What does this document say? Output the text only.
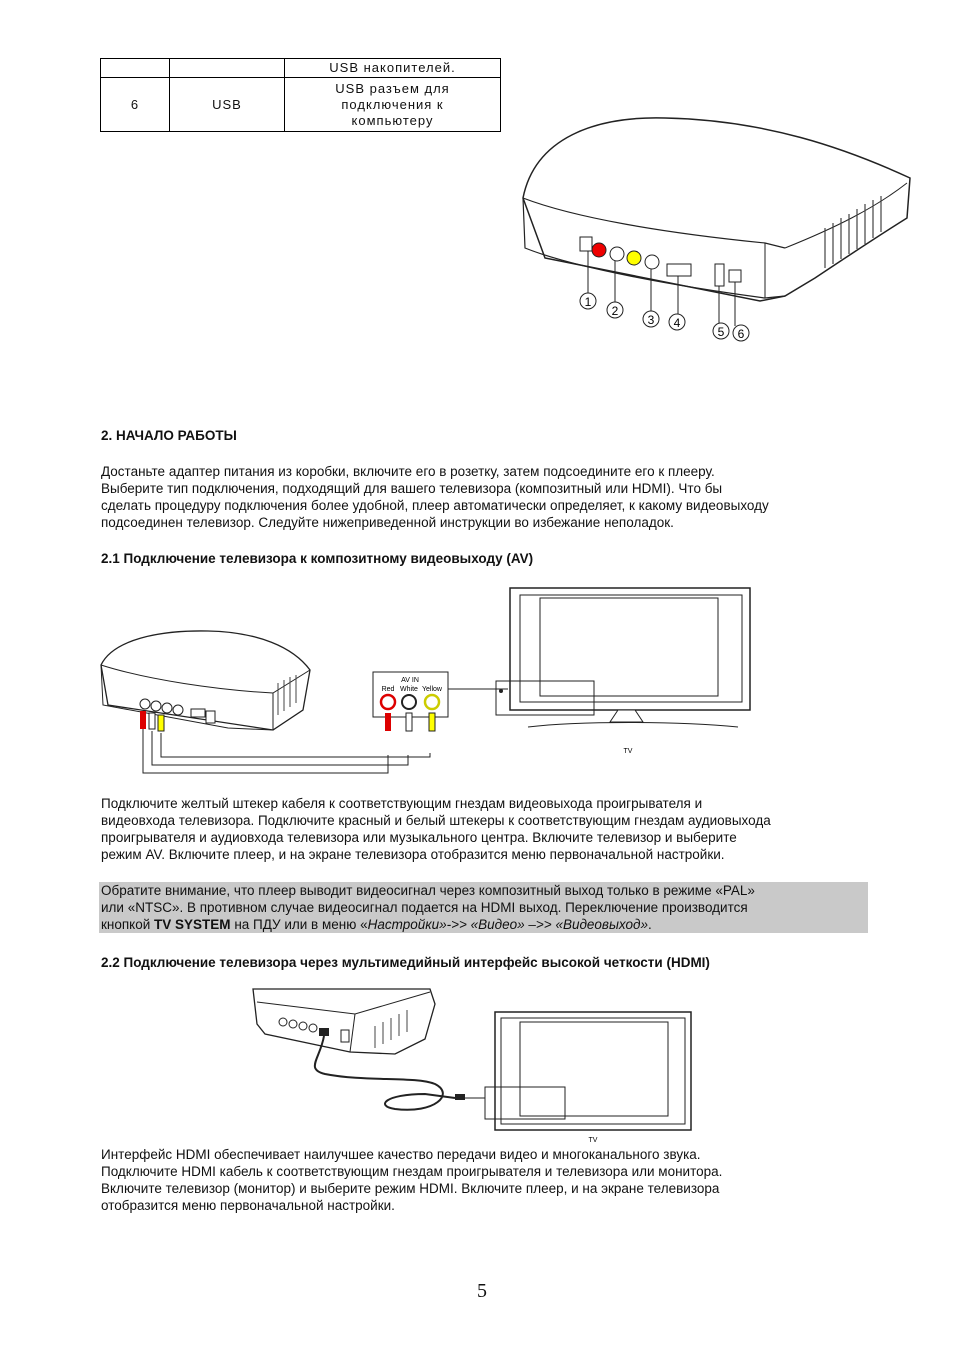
		USB накопителей.
6	USB	USB разъем для
подключения к
компьютеру
1
2
3 4
5 6
2. НАЧАЛО РАБОТЫ
Достаньте адаптер питания из коробки, включите его в розетку, затем подсоедините его к плееру.
Выберите тип подключения, подходящий для вашего телевизора (композитный или HDMI). Что бы
сделать процедуру подключения более удобной, плеер автоматически определяет, к какому видеовыходу
подсоединен телевизор. Следуйте нижеприведенной инструкции во избежание неполадок.
2.1 Подключение телевизора к композитному видеовыходу (AV)
AV IN
Red White Yellow
TV
Подключите желтый штекер кабеля к соответствующим гнездам видеовыхода проигрывателя и
видеовхода телевизора. Подключите красный и белый штекеры к соответствующим гнездам аудиовыхода
проигрывателя и аудиовхода телевизора или музыкального центра. Включите телевизор и выберите
режим AV. Включите плеер, и на экране телевизора отобразится меню первоначальной настройки.
Обратите внимание, что плеер выводит видеосигнал через композитный выход только в режиме «PAL»
или «NTSC». В противном случае видеосигнал подается на HDMI выход. Переключение производится
кнопкой TV SYSTEM на ПДУ или в меню «Настройки»->> «Видео» –>> «Видеовыход».
2.2 Подключение телевизора через мультимедийный интерфейс высокой четкости (HDMI)
TV
Интерфейс HDMI обеспечивает наилучшее качество передачи видео и многоканального звука.
Подключите HDMI кабель к соответствующим гнездам проигрывателя и телевизора или монитора.
Включите телевизор (монитор) и выберите режим HDMI. Включите плеер, и на экране телевизора
отобразится меню первоначальной настройки.
5
